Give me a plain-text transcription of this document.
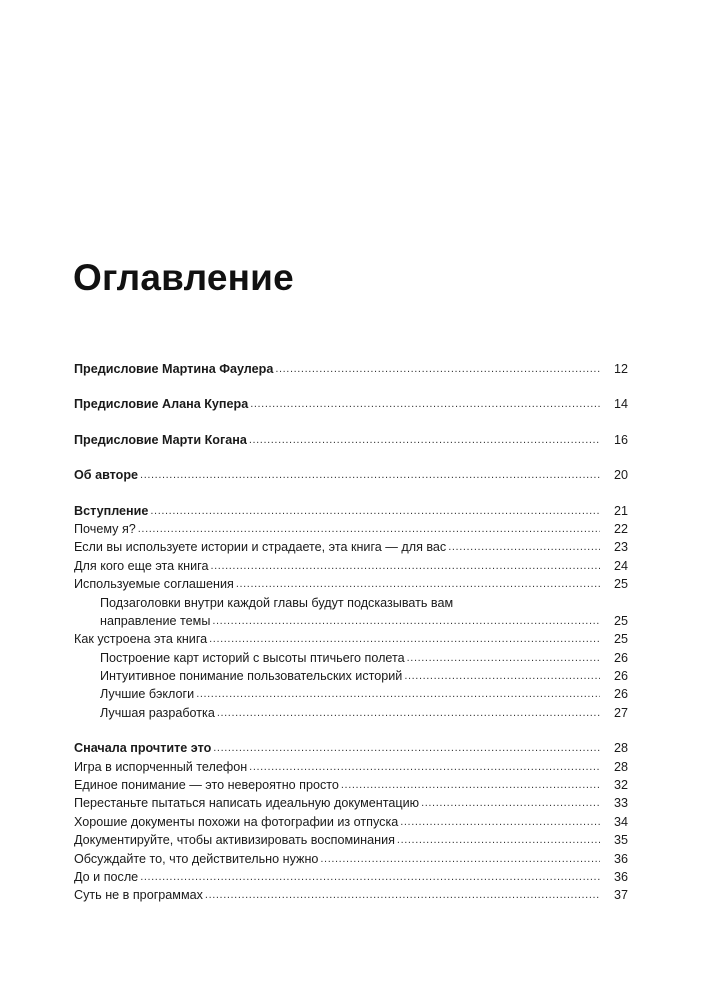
Оглавление
Предисловие Мартина Фаулера .....	12
Предисловие Алана Купера .....	14
Предисловие Марти Когана .....	16
Об авторе .....	20
Вступление .....	21
Почему я? .....	22
Если вы используете истории и страдаете, эта книга — для вас .....	23
Для кого еще эта книга .....	24
Используемые соглашения .....	25
Подзаголовки внутри каждой главы будут подсказывать вам
направление темы .....	25
Как устроена эта книга .....	25
Построение карт историй с высоты птичьего полета .....	26
Интуитивное понимание пользовательских историй .....	26
Лучшие бэклоги .....	26
Лучшая разработка .....	27
Сначала прочтите это .....	28
Игра в испорченный телефон .....	28
Единое понимание — это невероятно просто .....	32
Перестаньте пытаться написать идеальную документацию .....	33
Хорошие документы похожи на фотографии из отпуска .....	34
Документируйте, чтобы активизировать воспоминания .....	35
Обсуждайте то, что действительно нужно .....	36
До и после .....	36
Суть не в программах .....	37
